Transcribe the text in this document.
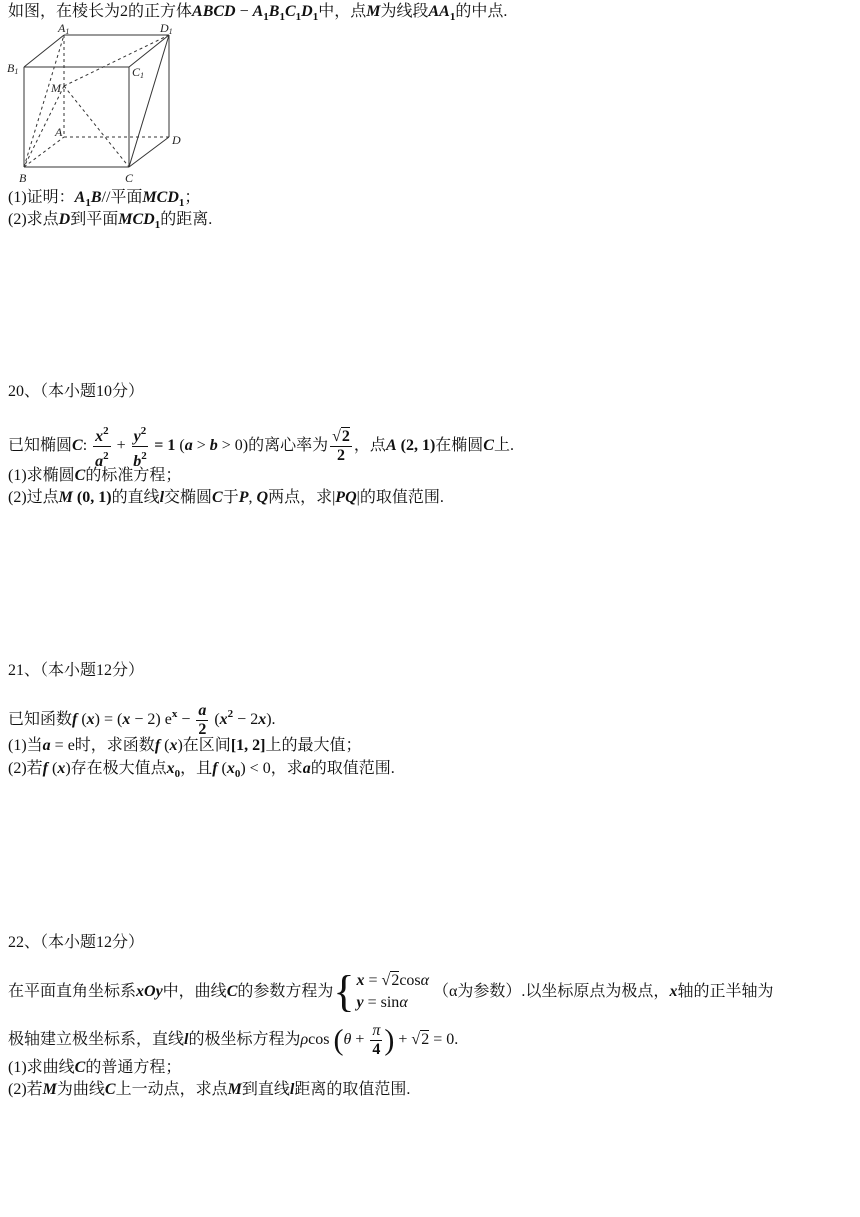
如图，在棱长为2的正方体ABCD − $A_1B_1C_1D_1$中，点M为线段$AA_1$的中点.
A1	D1
B1	C1
M
A
D
B	C
(1)证明：$A_1B//$平面$MCD_1$；
(2)求点D到平面$MCD_1$的距离.
20、（本小题10分）
已知椭圆C: $\frac{x^2}{a^2} + \frac{y^2}{b^2} = 1$ (a > b > 0)的离心率为 $\frac{√2}{2}$ ，点A (2, 1)在椭圆C上.
(1)求椭圆C的标准方程；
(2)过点M (0, 1)的直线l交椭圆C于P, Q两点，求|PQ|的取值范围.
21、（本小题12分）
已知函数f (x) = (x − 2) $e^x - \frac{a}{2} (x^2 - 2x)$.
(1)当a = e时，求函数f (x)在区间[1, 2]上的最大值；
(2)若f (x)存在极大值点$x_0$，且f $(x_0) < 0$，求a的取值范围.
22、（本小题12分）
在平面直角坐标系xOy中，曲线C的参数方程为{ x = √2cosα
y = sinα
（α为参数）.以坐标原点为极点，x轴的正半轴为
极轴建立极坐标系，直线l的极坐标方程为ρcos ($\theta + \frac{\pi}{4}$ ) + √2 = 0.
(1)求曲线C的普通方程；
(2)若M为曲线C上一动点，求点M到直线l距离的取值范围.
